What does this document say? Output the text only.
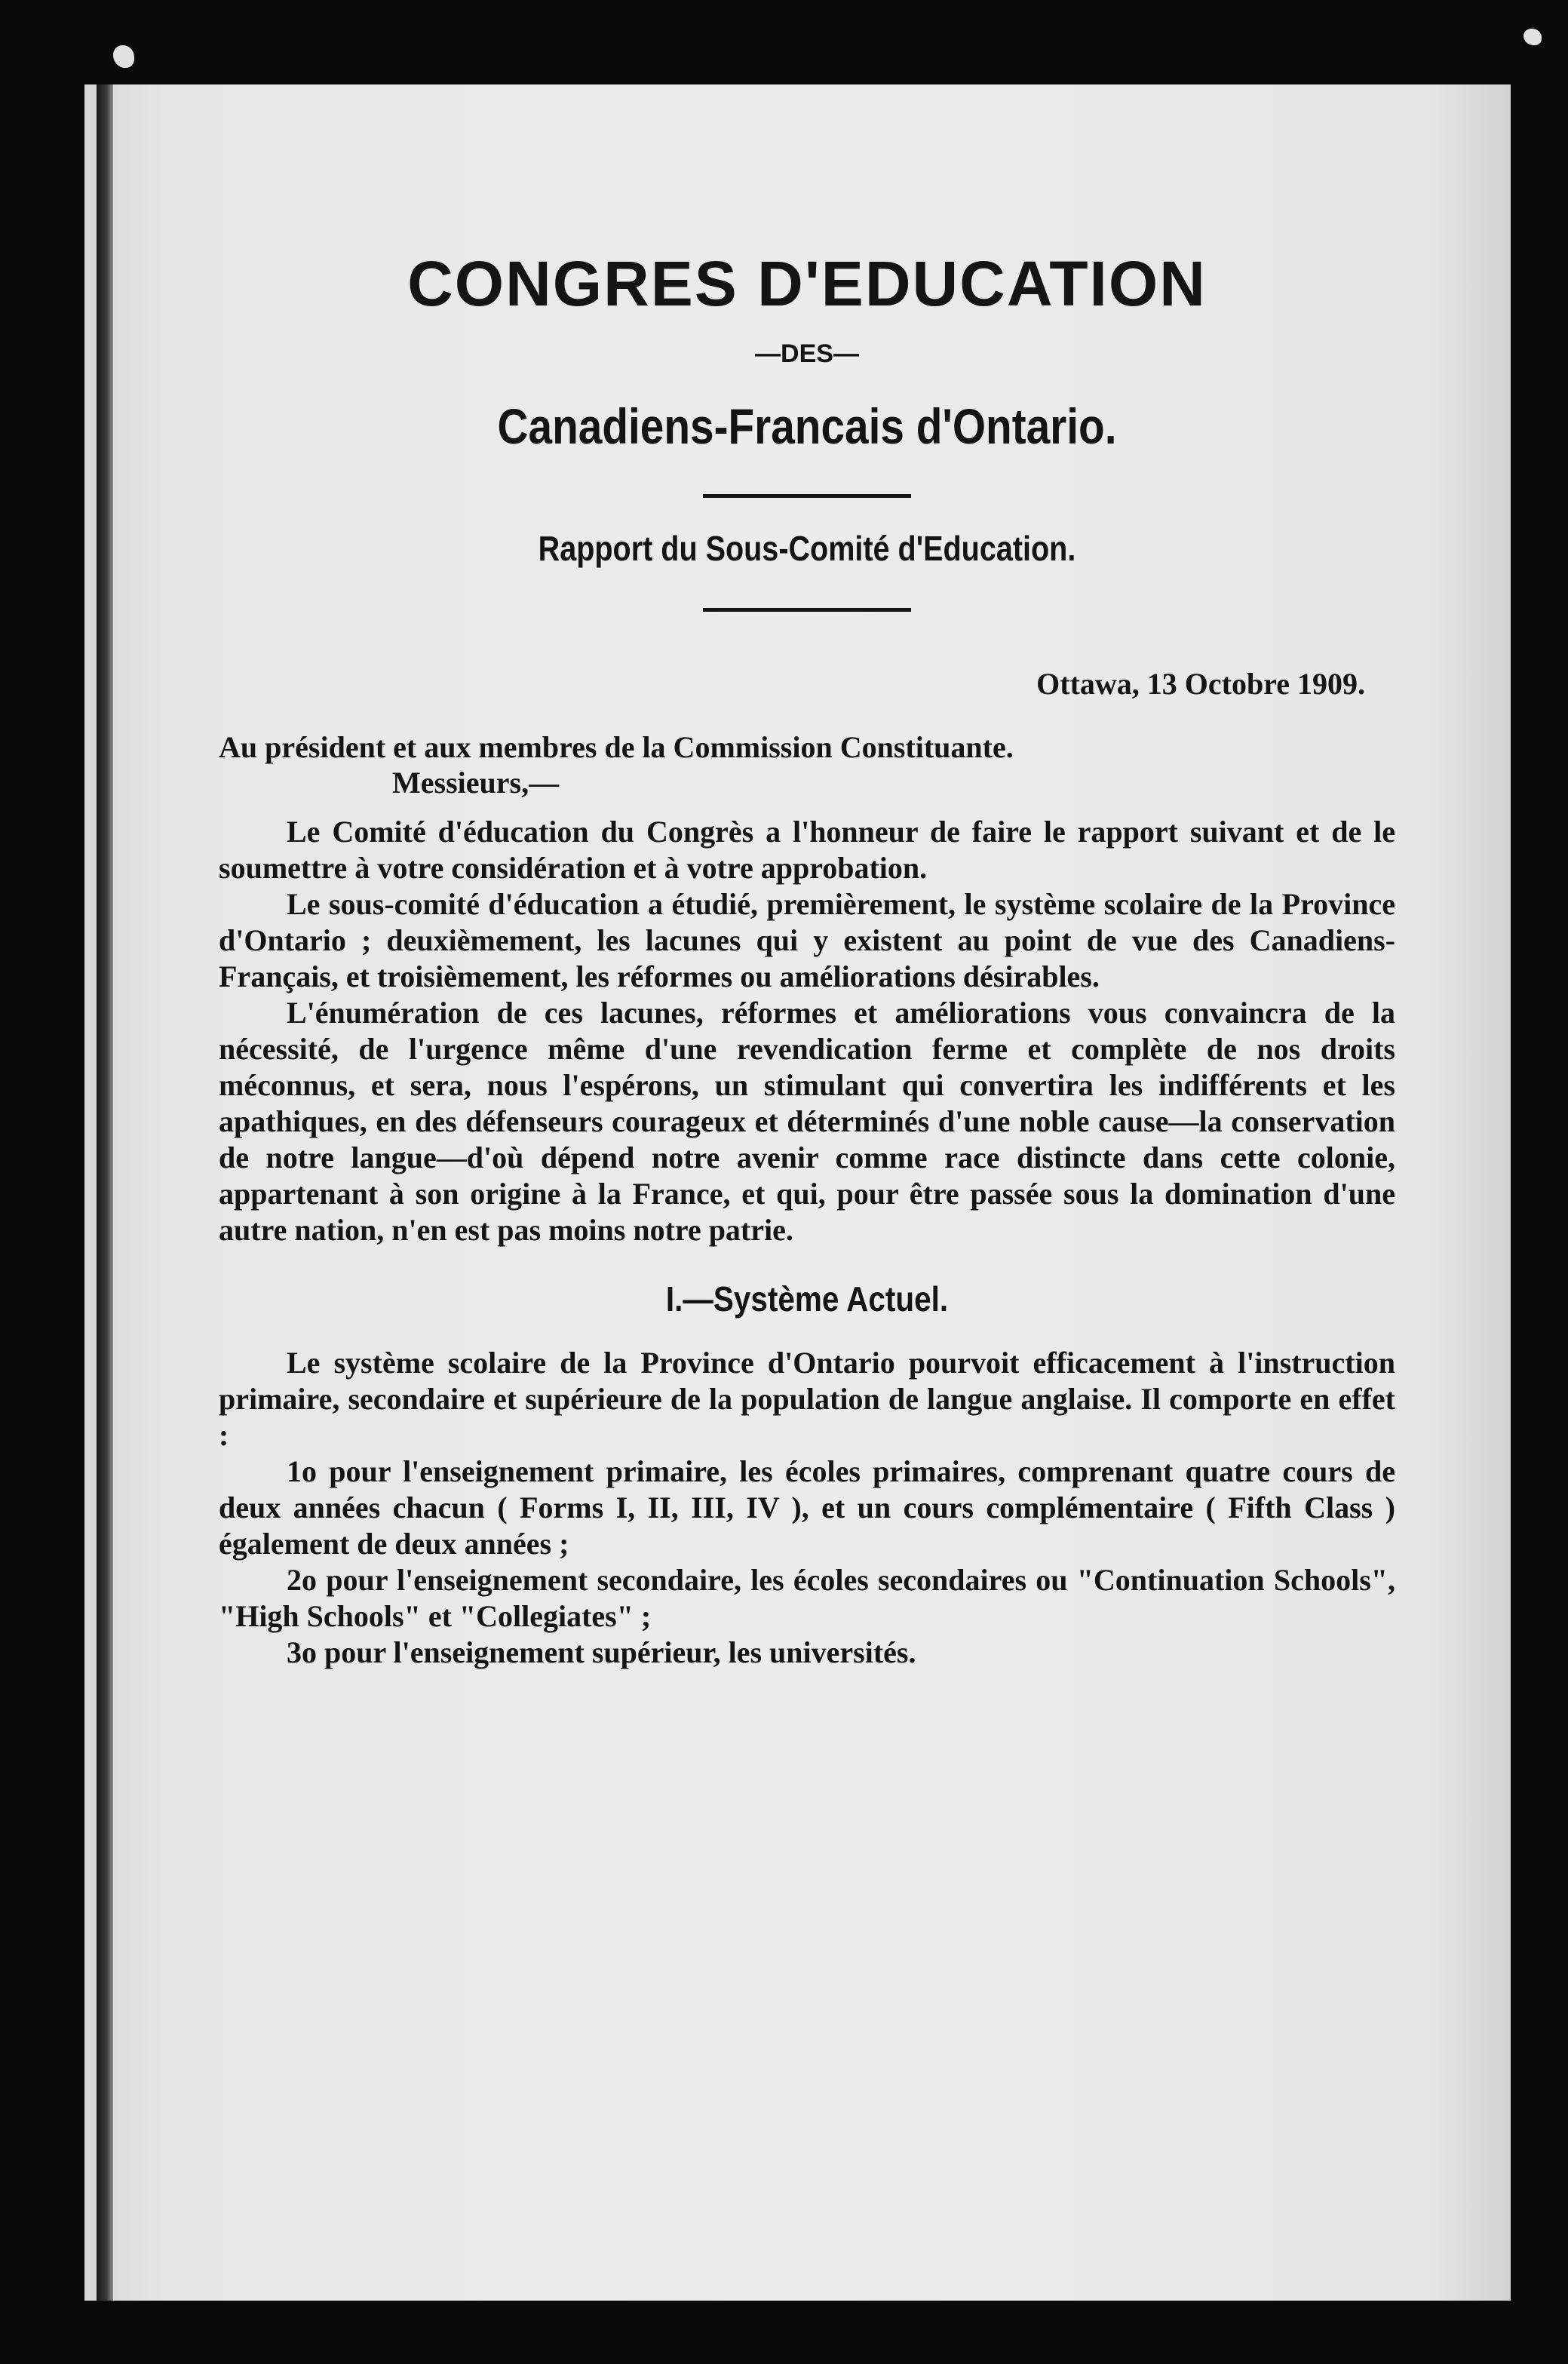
CONGRES D'EDUCATION
—DES—
Canadiens-Francais d'Ontario.
Rapport du Sous-Comité d'Education.
Ottawa, 13 Octobre 1909.
Au président et aux membres de la Commission Constituante.
Messieurs,—

Le Comité d'éducation du Congrès a l'honneur de faire le rapport suivant et de le soumettre à votre considération et à votre approbation.

Le sous-comité d'éducation a étudié, premièrement, le système scolaire de la Province d'Ontario ; deuxièmement, les lacunes qui y existent au point de vue des Canadiens-Français, et troisièmement, les réformes ou améliorations désirables.

L'énumération de ces lacunes, réformes et améliorations vous convaincra de la nécessité, de l'urgence même d'une revendication ferme et complète de nos droits méconnus, et sera, nous l'espérons, un stimulant qui convertira les indifférents et les apathiques, en des défenseurs courageux et déterminés d'une noble cause—la conservation de notre langue—d'où dépend notre avenir comme race distincte dans cette colonie, appartenant à son origine à la France, et qui, pour être passée sous la domination d'une autre nation, n'en est pas moins notre patrie.

I.—Système Actuel.

Le système scolaire de la Province d'Ontario pourvoit efficacement à l'instruction primaire, secondaire et supérieure de la population de langue anglaise. Il comporte en effet :

1o pour l'enseignement primaire, les écoles primaires, comprenant quatre cours de deux années chacun ( Forms I, II, III, IV ), et un cours complémentaire ( Fifth Class ) également de deux années ;

2o pour l'enseignement secondaire, les écoles secondaires ou "Continuation Schools", "High Schools" et "Collegiates" ;

3o pour l'enseignement supérieur, les universités.
